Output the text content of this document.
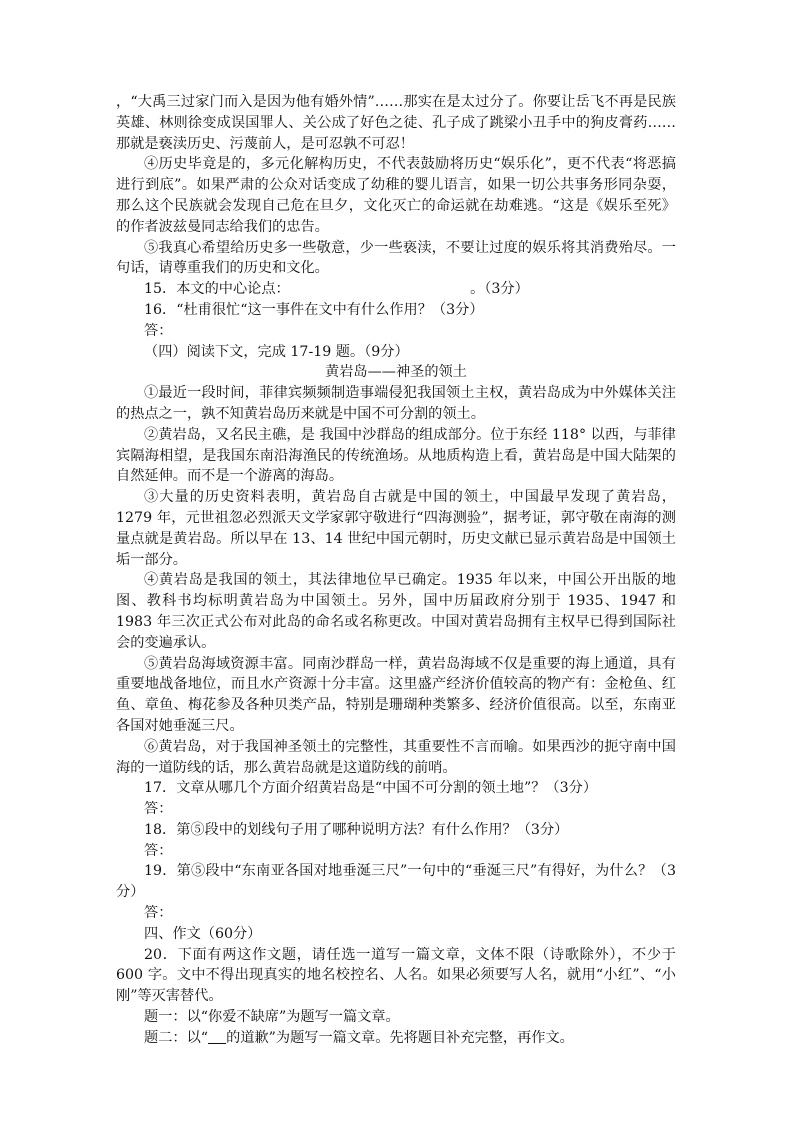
，“大禹三过家门而入是因为他有婚外情”……那实在是太过分了。你要让岳飞不再是民族英雄、林则徐变成误国罪人、关公成了好色之徒、孔子成了跳梁小丑手中的狗皮膏药……那就是亵渎历史、污蔑前人，是可忍孰不可忍！

④历史毕竟是的，多元化解构历史，不代表鼓励将历史“娱乐化”，更不代表“将恶搞进行到底”。如果严肃的公众对话变成了幼稚的婴儿语言，如果一切公共事务形同杂耍，那么这个民族就会发现自己危在旦夕，文化灭亡的命运就在劫难逃。“这是《娱乐至死》的作者波兹曼同志给我们的忠告。

⑤我真心希望给历史多一些敬意，少一些亵渎，不要让过度的娱乐将其消费殆尽。一句话，请尊重我们的历史和文化。

15．本文的中心论点：                                        。（3分）

16．“杜甫很忙“这一事件在文中有什么作用？（3分）

答：

（四）阅读下文，完成 17-19 题。（9分）

黄岩岛——神圣的领土

①最近一段时间，菲律宾频频制造事端侵犯我国领土主权，黄岩岛成为中外媒体关注的热点之一，孰不知黄岩岛历来就是中国不可分割的领土。

②黄岩岛，又名民主礁，是 我国中沙群岛的组成部分。位于东经 118° 以西，与菲律宾隔海相望，是我国东南沿海渔民的传统渔场。从地质构造上看，黄岩岛是中国大陆架的自然延伸。而不是一个游离的海岛。

③大量的历史资料表明，黄岩岛自古就是中国的领土，中国最早发现了黄岩岛，1279 年，元世祖忽必烈派天文学家郭守敬进行“四海测验”，据考证，郭守敬在南海的测量点就是黄岩岛。所以早在 13、14 世纪中国元朝时，历史文献已显示黄岩岛是中国领土垢一部分。

④黄岩岛是我国的领土，其法律地位早已确定。1935 年以来，中国公开出版的地图、教科书均标明黄岩岛为中国领土。另外，国中历届政府分别于 1935、1947 和 1983 年三次正式公布对此岛的命名或名称更改。中国对黄岩岛拥有主权早已得到国际社会的变遍承认。

⑤黄岩岛海域资源丰富。同南沙群岛一样，黄岩岛海域不仅是重要的海上通道，具有重要地战备地位，而且水产资源十分丰富。这里盛产经济价值较高的物产有：金枪鱼、红鱼、章鱼、梅花参及各种贝类产品，特别是珊瑚种类繁多、经济价值很高。以至，东南亚各国对她垂涎三尺。

⑥黄岩岛，对于我国神圣领土的完整性，其重要性不言而喻。如果西沙的扼守南中国海的一道防线的话，那么黄岩岛就是这道防线的前哨。

17．文章从哪几个方面介绍黄岩岛是“中国不可分割的领土地”？（3分）

答：

18．第⑤段中的划线句子用了哪种说明方法？有什么作用？（3分）

答：

19．第⑤段中“东南亚各国对地垂涎三尺”一句中的“垂涎三尺”有得好，为什么？（3分）

答：

四、作文（60分）

20．下面有两这作文题，请任选一道写一篇文章，文体不限（诗歌除外），不少于 600 字。文中不得出现真实的地名校控名、人名。如果必须要写人名，就用“小红”、“小刚”等灭害替代。

题一：以“你爱不缺席”为题写一篇文章。

题二：以“ 的道歉”为题写一篇文章。先将题目补充完整，再作文。
